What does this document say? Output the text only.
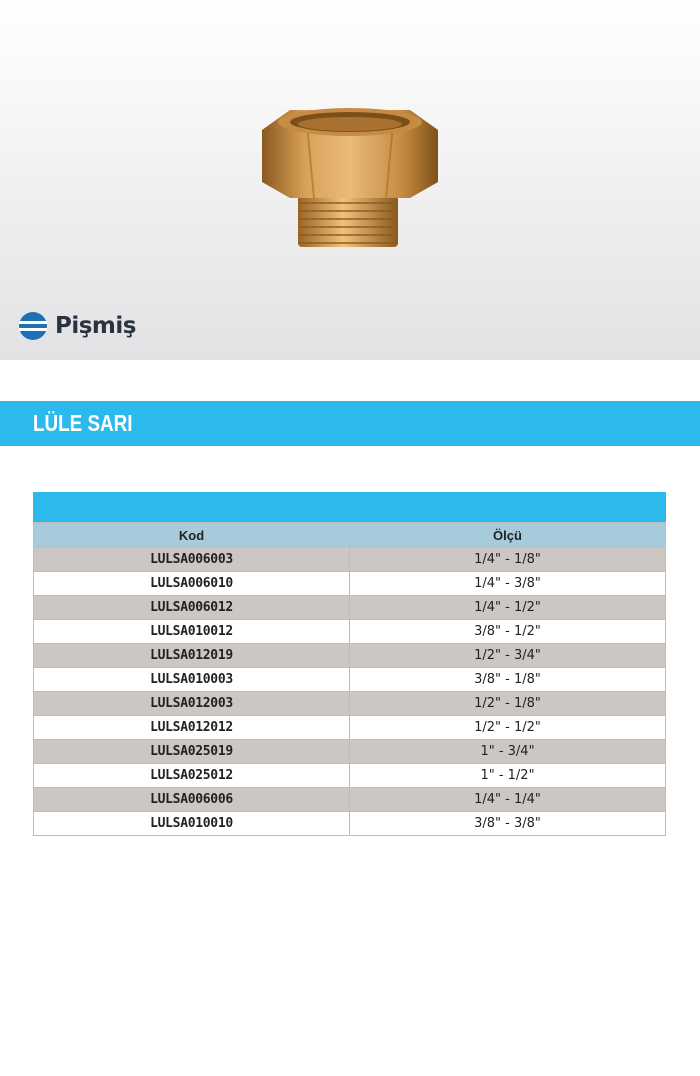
Pişmiş
LÜLE SARI
Kod	Ölçü
LULSA006003	1/4" - 1/8"
LULSA006010	1/4" - 3/8"
LULSA006012	1/4" - 1/2"
LULSA010012	3/8" - 1/2"
LULSA012019	1/2" - 3/4"
LULSA010003	3/8" - 1/8"
LULSA012003	1/2" - 1/8"
LULSA012012	1/2" - 1/2"
LULSA025019	1" - 3/4"
LULSA025012	1" - 1/2"
LULSA006006	1/4" - 1/4"
LULSA010010	3/8" - 3/8"
